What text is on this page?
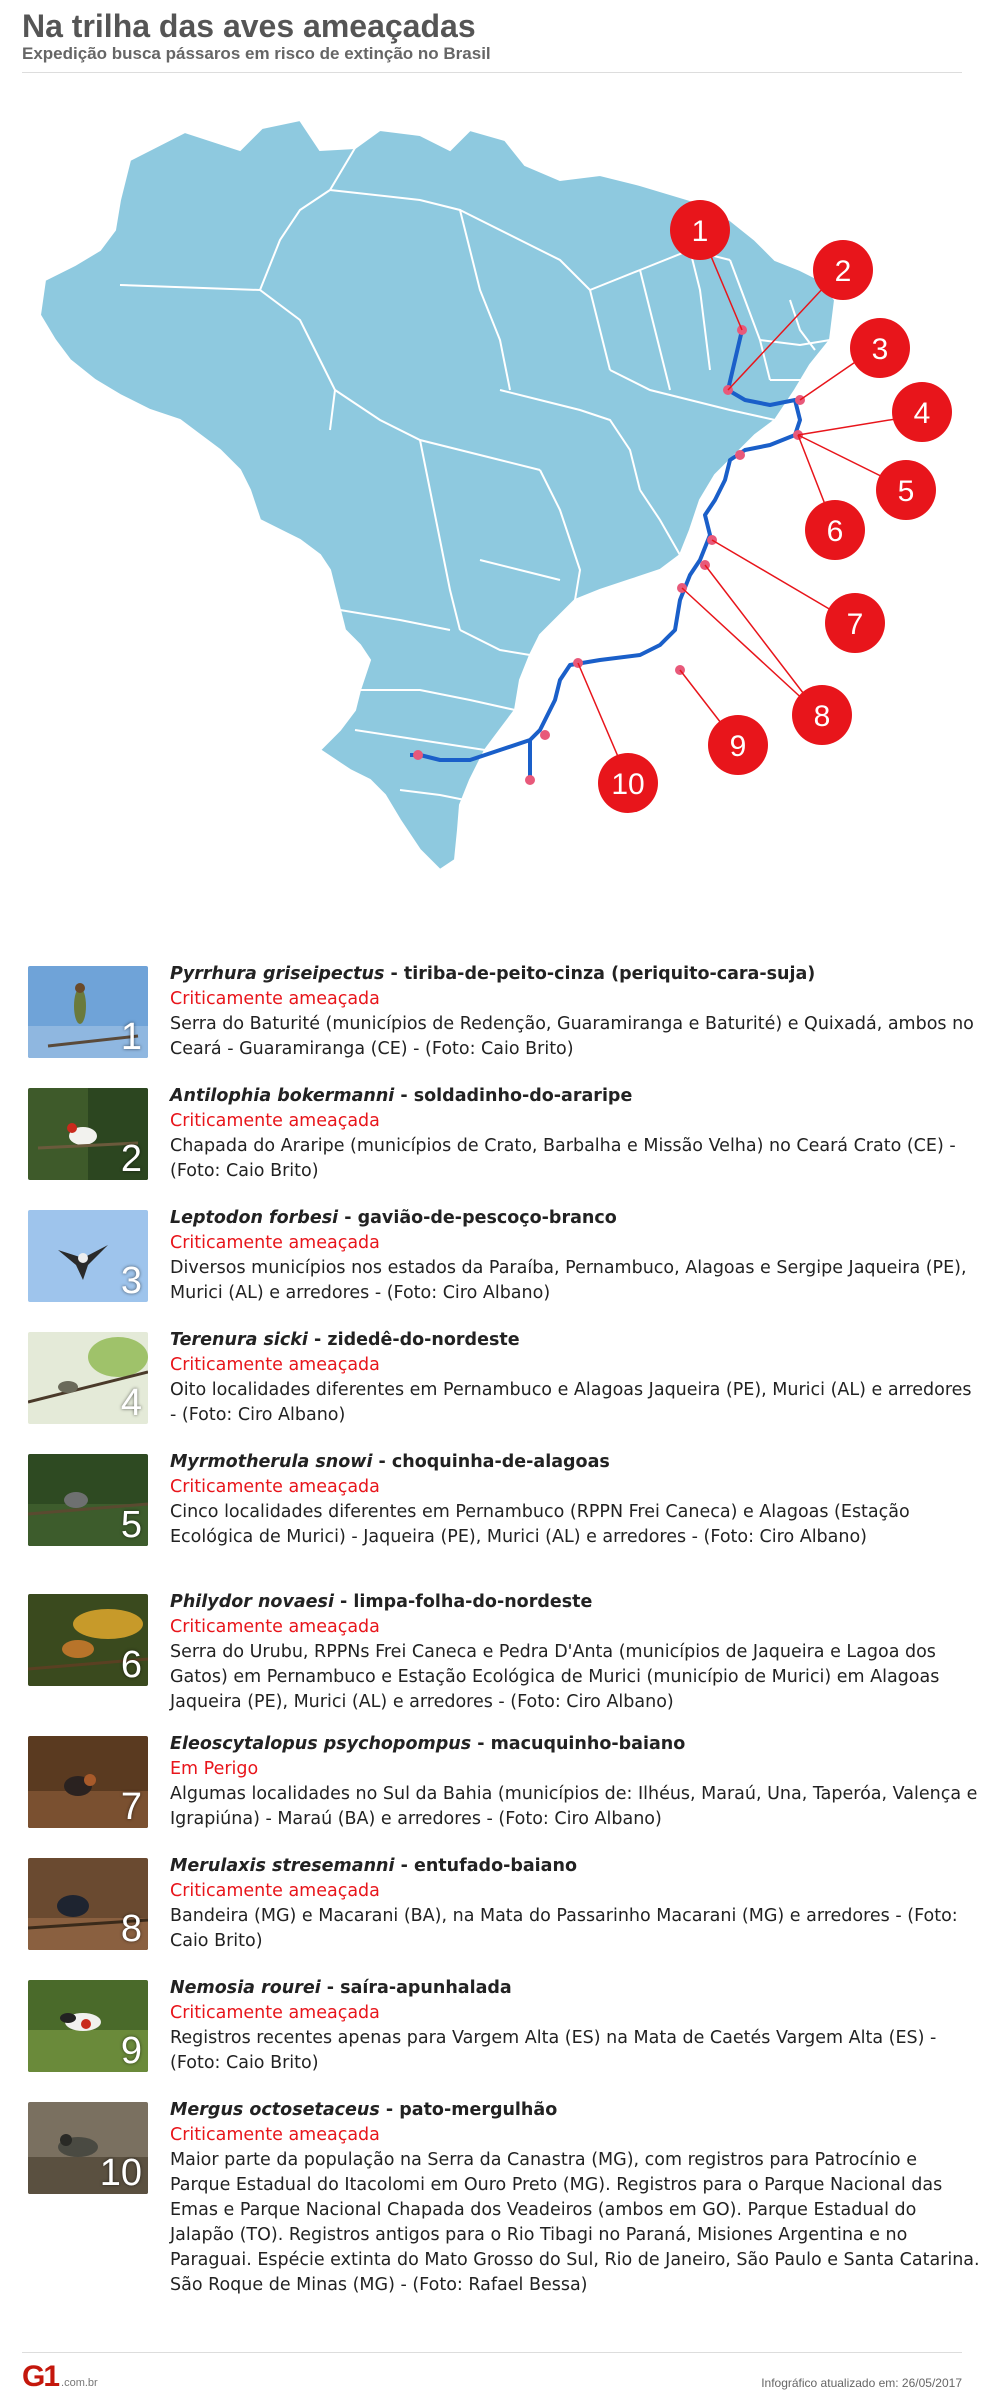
Na trilha das aves ameaçadas
Expedição busca pássaros em risco de extinção no Brasil
1
2
3
4
5
6
7
8
9
10
1
Pyrrhura griseipectus - tiriba-de-peito-cinza (periquito-cara-suja)
Criticamente ameaçada
Serra do Baturité (municípios de Redenção, Guaramiranga e Baturité) e Quixadá, ambos no Ceará - Guaramiranga (CE) - (Foto: Caio Brito)
2
Antilophia bokermanni - soldadinho-do-araripe
Criticamente ameaçada
Chapada do Araripe (municípios de Crato, Barbalha e Missão Velha) no Ceará Crato (CE) - (Foto: Caio Brito)
3
Leptodon forbesi - gavião-de-pescoço-branco
Criticamente ameaçada
Diversos municípios nos estados da Paraíba, Pernambuco, Alagoas e Sergipe Jaqueira (PE), Murici (AL) e arredores - (Foto: Ciro Albano)
4
Terenura sicki - zidedê-do-nordeste
Criticamente ameaçada
Oito localidades diferentes em Pernambuco e Alagoas Jaqueira (PE), Murici (AL) e arredores - (Foto: Ciro Albano)
5
Myrmotherula snowi - choquinha-de-alagoas
Criticamente ameaçada
Cinco localidades diferentes em Pernambuco (RPPN Frei Caneca) e Alagoas (Estação Ecológica de Murici) - Jaqueira (PE), Murici (AL) e arredores - (Foto: Ciro Albano)
6
Philydor novaesi - limpa-folha-do-nordeste
Criticamente ameaçada
Serra do Urubu, RPPNs Frei Caneca e Pedra D'Anta (municípios de Jaqueira e Lagoa dos Gatos) em Pernambuco e Estação Ecológica de Murici (município de Murici) em Alagoas Jaqueira (PE), Murici (AL) e arredores - (Foto: Ciro Albano)
7
Eleoscytalopus psychopompus - macuquinho-baiano
Em Perigo
Algumas localidades no Sul da Bahia (municípios de: Ilhéus, Maraú, Una, Taperóa, Valença e Igrapiúna) - Maraú (BA) e arredores - (Foto: Ciro Albano)
8
Merulaxis stresemanni - entufado-baiano
Criticamente ameaçada
Bandeira (MG) e Macarani (BA), na Mata do Passarinho Macarani (MG) e arredores - (Foto: Caio Brito)
9
Nemosia rourei - saíra-apunhalada
Criticamente ameaçada
Registros recentes apenas para Vargem Alta (ES) na Mata de Caetés Vargem Alta (ES) - (Foto: Caio Brito)
10
Mergus octosetaceus - pato-mergulhão
Criticamente ameaçada
Maior parte da população na Serra da Canastra (MG), com registros para Patrocínio e Parque Estadual do Itacolomi em Ouro Preto (MG). Registros para o Parque Nacional das Emas e Parque Nacional Chapada dos Veadeiros (ambos em GO). Parque Estadual do Jalapão (TO). Registros antigos para o Rio Tibagi no Paraná, Misiones Argentina e no Paraguai. Espécie extinta do Mato Grosso do Sul, Rio de Janeiro, São Paulo e Santa Catarina. São Roque de Minas (MG) - (Foto: Rafael Bessa)
G1 .com.br	Infográfico atualizado em: 26/05/2017
